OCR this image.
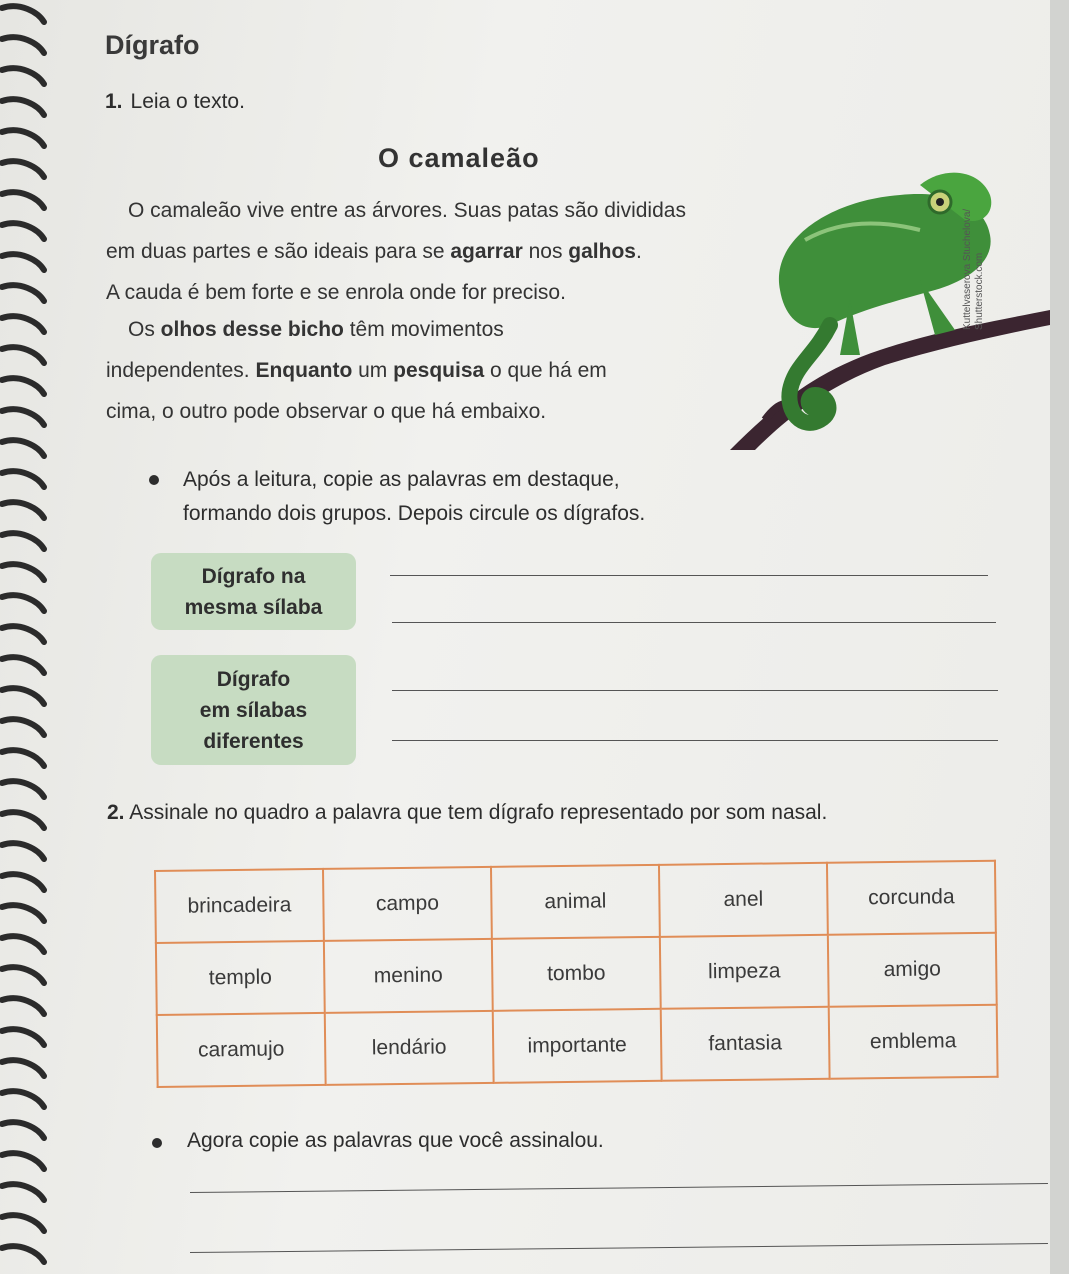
Dígrafo
1. Leia o texto.
O camaleão
O camaleão vive entre as árvores. Suas patas são divididas
em duas partes e são ideais para se agarrar nos galhos.
A cauda é bem forte e se enrola onde for preciso.
Os olhos desse bicho têm movimentos
independentes. Enquanto um pesquisa o que há em
cima, o outro pode observar o que há embaixo.
Kuttelvaserova Stuchelova/ Shutterstock.com
Após a leitura, copie as palavras em destaque,
formando dois grupos. Depois circule os dígrafos.
Dígrafo na
mesma sílaba
Dígrafo
em sílabas
diferentes
2. Assinale no quadro a palavra que tem dígrafo representado por som nasal.
brincadeira	campo	animal	anel	corcunda
templo	menino	tombo	limpeza	amigo
caramujo	lendário	importante	fantasia	emblema
Agora copie as palavras que você assinalou.
